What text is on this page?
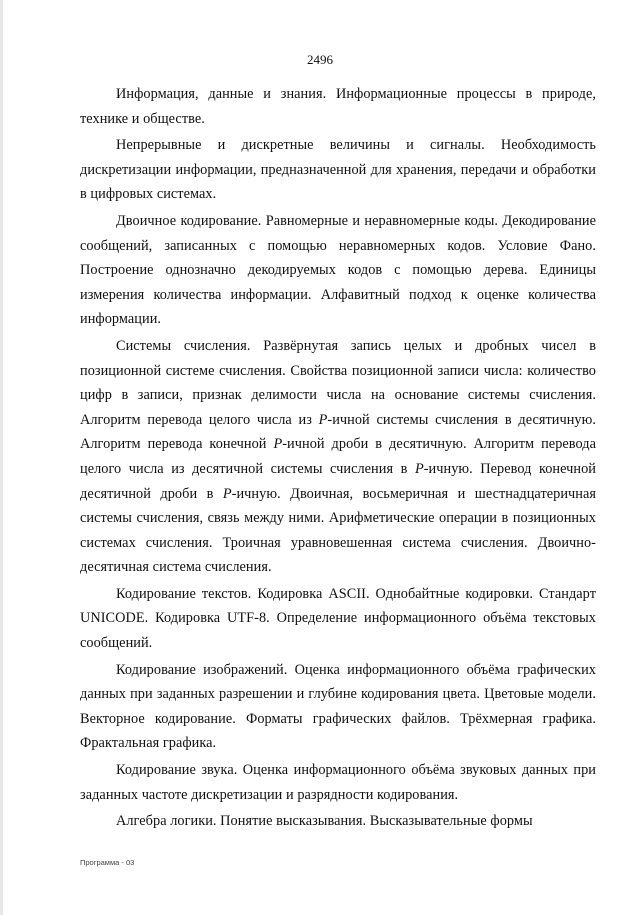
2496

Информация, данные и знания. Информационные процессы в природе, технике и обществе.

Непрерывные и дискретные величины и сигналы. Необходимость дискретизации информации, предназначенной для хранения, передачи и обработки в цифровых системах.

Двоичное кодирование. Равномерные и неравномерные коды. Декодирование сообщений, записанных с помощью неравномерных кодов. Условие Фано. Построение однозначно декодируемых кодов с помощью дерева. Единицы измерения количества информации. Алфавитный подход к оценке количества информации.

Системы счисления. Развёрнутая запись целых и дробных чисел в позиционной системе счисления. Свойства позиционной записи числа: количество цифр в записи, признак делимости числа на основание системы счисления. Алгоритм перевода целого числа из P-ичной системы счисления в десятичную. Алгоритм перевода конечной P-ичной дроби в десятичную. Алгоритм перевода целого числа из десятичной системы счисления в P-ичную. Перевод конечной десятичной дроби в P-ичную. Двоичная, восьмеричная и шестнадцатеричная системы счисления, связь между ними. Арифметические операции в позиционных системах счисления. Троичная уравновешенная система счисления. Двоично-десятичная система счисления.

Кодирование текстов. Кодировка ASCII. Однобайтные кодировки. Стандарт UNICODE. Кодировка UTF-8. Определение информационного объёма текстовых сообщений.

Кодирование изображений. Оценка информационного объёма графических данных при заданных разрешении и глубине кодирования цвета. Цветовые модели. Векторное кодирование. Форматы графических файлов. Трёхмерная графика. Фрактальная графика.

Кодирование звука. Оценка информационного объёма звуковых данных при заданных частоте дискретизации и разрядности кодирования.

Алгебра логики. Понятие высказывания. Высказывательные формы

Программа - 03
